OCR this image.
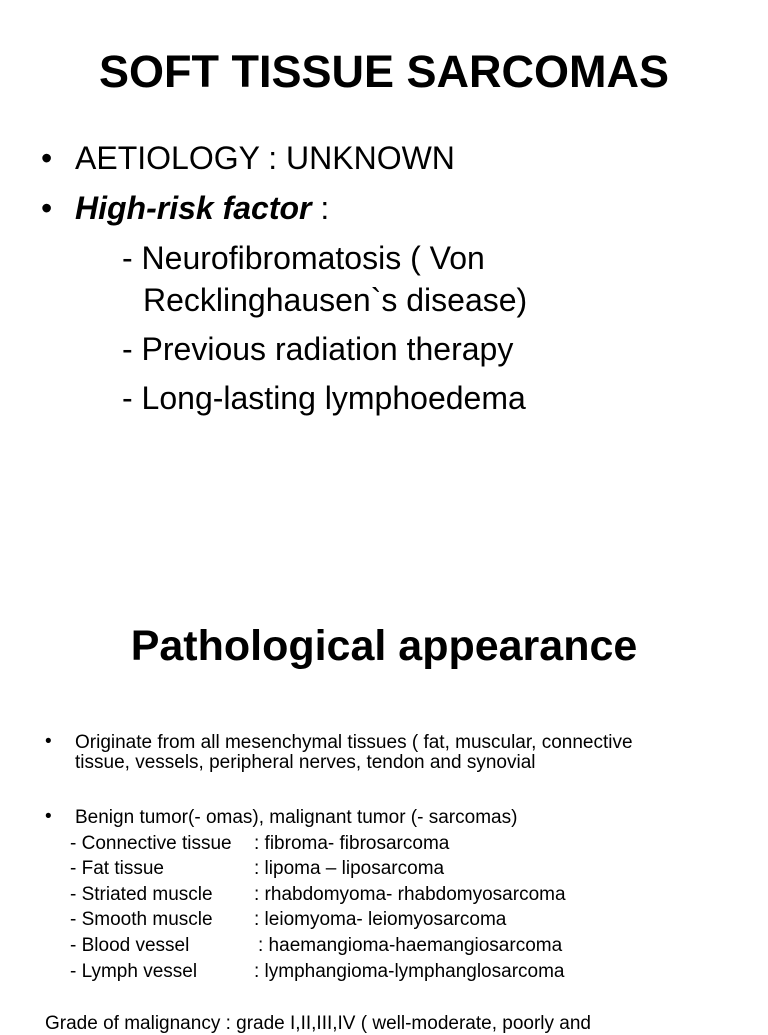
SOFT TISSUE SARCOMAS
• AETIOLOGY : UNKNOWN
• High-risk factor :
- Neurofibromatosis ( Von
Recklinghausen`s disease)
- Previous radiation therapy
- Long-lasting lymphoedema
Pathological appearance
• Originate from all mesenchymal tissues ( fat, muscular, connective
tissue, vessels, peripheral nerves, tendon and synovial
• Benign tumor(- omas), malignant tumor (- sarcomas)
- Connective tissue : fibroma- fibrosarcoma
- Fat tissue	: lipoma – liposarcoma
- Striated muscle : rhabdomyoma- rhabdomyosarcoma
- Smooth muscle : leiomyoma- leiomyosarcoma
- Blood vessel	: haemangioma-haemangiosarcoma
- Lymph vessel	: lymphangioma-lymphanglosarcoma
Grade of malignancy : grade I,II,III,IV ( well-moderate, poorly and
